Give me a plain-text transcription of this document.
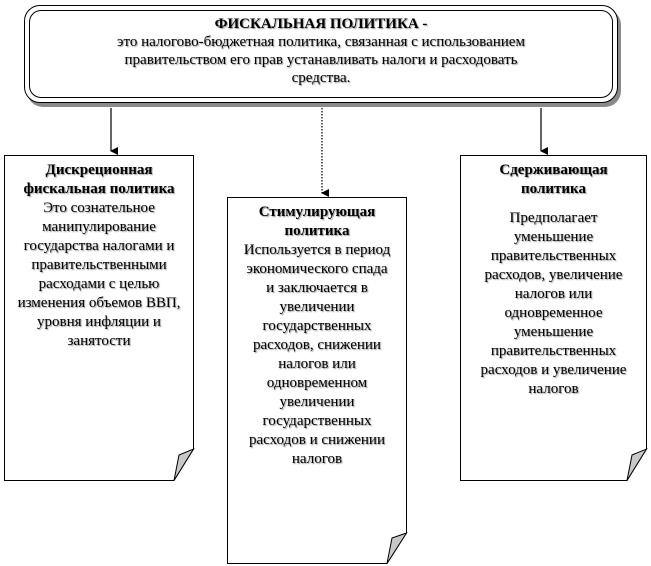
ФИСКАЛЬНАЯ ПОЛИТИКА -
это налогово-бюджетная политика, связанная с использованием
правительством его прав устанавливать налоги и расходовать
средства.
Дискреционная фискальная политика
Это сознательное манипулирование государства налогами и правительственными расходами с целью изменения объемов ВВП, уровня инфляции и занятости
Стимулирующая политика
Используется в период экономического спада и заключается в увеличении государственных расходов, снижении налогов или одновременном увеличении государственных расходов и снижении налогов
Сдерживающая политика
Предполагает уменьшение правительственных расходов, увеличение налогов или одновременное уменьшение правительственных расходов и увеличение налогов
